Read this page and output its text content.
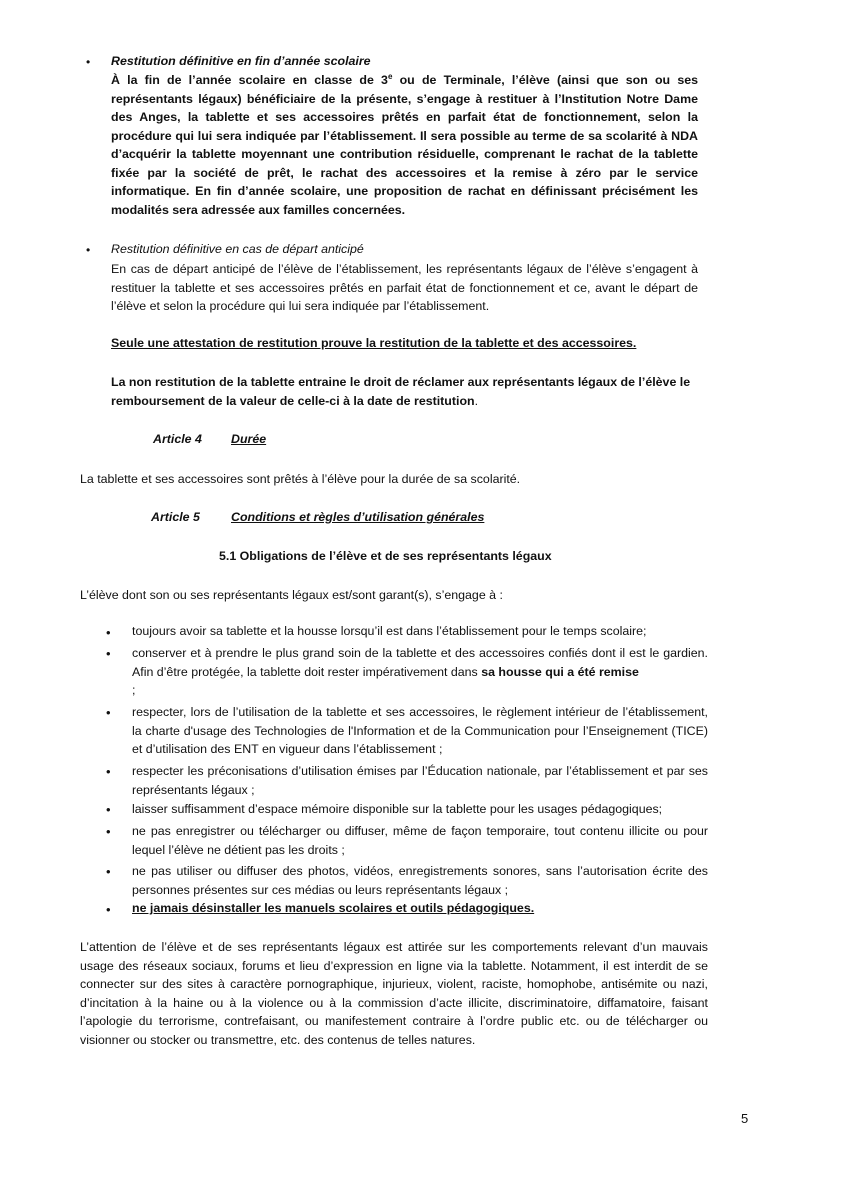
• Restitution définitive en fin d’année scolaire
À la fin de l’année scolaire en classe de 3e ou de Terminale, l’élève (ainsi que son ou ses représentants légaux) bénéficiaire de la présente, s’engage à restituer à l’Institution Notre Dame des Anges, la tablette et ses accessoires prêtés en parfait état de fonctionnement, selon la procédure qui lui sera indiquée par l’établissement. Il sera possible au terme de sa scolarité à NDA d’acquérir la tablette moyennant une contribution résiduelle, comprenant le rachat de la tablette fixée par la société de prêt, le rachat des accessoires et la remise à zéro par le service informatique. En fin d’année scolaire, une proposition de rachat en définissant précisément les modalités sera adressée aux familles concernées.
• Restitution définitive en cas de départ anticipé
En cas de départ anticipé de l’élève de l’établissement, les représentants légaux de l’élève s’engagent à restituer la tablette et ses accessoires prêtés en parfait état de fonctionnement et ce, avant le départ de l’élève et selon la procédure qui lui sera indiquée par l’établissement.
Seule une attestation de restitution prouve la restitution de la tablette et des accessoires.
La non restitution de la tablette entraine le droit de réclamer aux représentants légaux de l’élève le remboursement de la valeur de celle-ci à la date de restitution.
Article 4 Durée
La tablette et ses accessoires sont prêtés à l’élève pour la durée de sa scolarité.
Article 5	Conditions et règles d’utilisation générales
5.1 Obligations de l’élève et de ses représentants légaux
L’élève dont son ou ses représentants légaux est/sont garant(s), s’engage à :
• toujours avoir sa tablette et la housse lorsqu’il est dans l’établissement pour le temps scolaire;
• conserver et à prendre le plus grand soin de la tablette et des accessoires confiés dont il est le gardien. Afin d’être protégée, la tablette doit rester impérativement dans sa housse qui a été remise
;
• respecter, lors de l’utilisation de la tablette et ses accessoires, le règlement intérieur de l’établissement, la charte d'usage des Technologies de l'Information et de la Communication pour l’Enseignement (TICE) et d’utilisation des ENT en vigueur dans l’établissement ;
• respecter les préconisations d’utilisation émises par l’Éducation nationale, par l’établissement et par ses représentants légaux ;
• laisser suffisamment d’espace mémoire disponible sur la tablette pour les usages pédagogiques;
• ne pas enregistrer ou télécharger ou diffuser, même de façon temporaire, tout contenu illicite ou pour lequel l’élève ne détient pas les droits ;
• ne pas utiliser ou diffuser des photos, vidéos, enregistrements sonores, sans l’autorisation écrite des personnes présentes sur ces médias ou leurs représentants légaux ;
• ne jamais désinstaller les manuels scolaires et outils pédagogiques.
L’attention de l’élève et de ses représentants légaux est attirée sur les comportements relevant d’un mauvais usage des réseaux sociaux, forums et lieu d’expression en ligne via la tablette. Notamment, il est interdit de se connecter sur des sites à caractère pornographique, injurieux, violent, raciste, homophobe, antisémite ou nazi, d’incitation à la haine ou à la violence ou à la commission d’acte illicite, discriminatoire, diffamatoire, faisant l’apologie du terrorisme, contrefaisant, ou manifestement contraire à l’ordre public etc. ou de télécharger ou visionner ou stocker ou transmettre, etc. des contenus de telles natures.
5
